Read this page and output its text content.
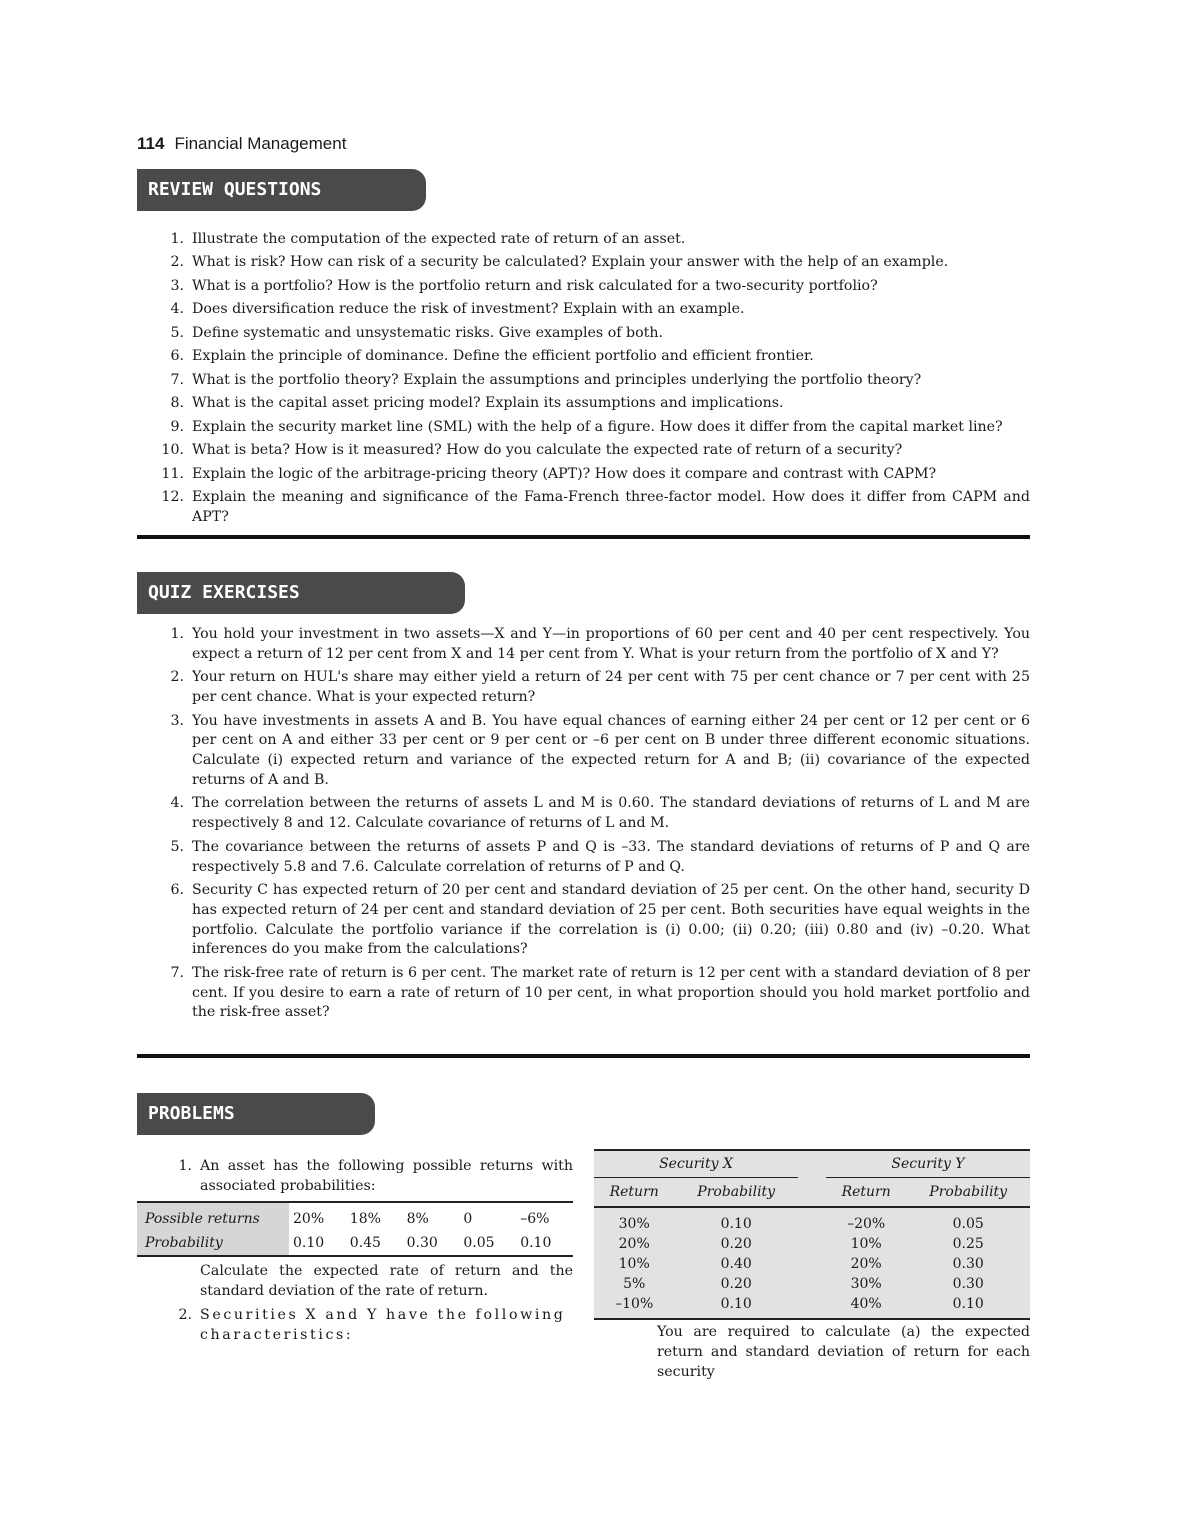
114 Financial Management
REVIEW QUESTIONS
1. Illustrate the computation of the expected rate of return of an asset.
2. What is risk? How can risk of a security be calculated? Explain your answer with the help of an example.
3. What is a portfolio? How is the portfolio return and risk calculated for a two-security portfolio?
4. Does diversification reduce the risk of investment? Explain with an example.
5. Define systematic and unsystematic risks. Give examples of both.
6. Explain the principle of dominance. Define the efficient portfolio and efficient frontier.
7. What is the portfolio theory? Explain the assumptions and principles underlying the portfolio theory?
8. What is the capital asset pricing model? Explain its assumptions and implications.
9. Explain the security market line (SML) with the help of a figure. How does it differ from the capital market line?
10. What is beta? How is it measured? How do you calculate the expected rate of return of a security?
11. Explain the logic of the arbitrage-pricing theory (APT)? How does it compare and contrast with CAPM?
12. Explain the meaning and significance of the Fama-French three-factor model. How does it differ from CAPM and APT?
QUIZ EXERCISES
1. You hold your investment in two assets—X and Y—in proportions of 60 per cent and 40 per cent respectively. You expect a return of 12 per cent from X and 14 per cent from Y. What is your return from the portfolio of X and Y?
2. Your return on HUL's share may either yield a return of 24 per cent with 75 per cent chance or 7 per cent with 25 per cent chance. What is your expected return?
3. You have investments in assets A and B. You have equal chances of earning either 24 per cent or 12 per cent or 6 per cent on A and either 33 per cent or 9 per cent or –6 per cent on B under three different economic situations. Calculate (i) expected return and variance of the expected return for A and B; (ii) covariance of the expected returns of A and B.
4. The correlation between the returns of assets L and M is 0.60. The standard deviations of returns of L and M are respectively 8 and 12. Calculate covariance of returns of L and M.
5. The covariance between the returns of assets P and Q is –33. The standard deviations of returns of P and Q are respectively 5.8 and 7.6. Calculate correlation of returns of P and Q.
6. Security C has expected return of 20 per cent and standard deviation of 25 per cent. On the other hand, security D has expected return of 24 per cent and standard deviation of 25 per cent. Both securities have equal weights in the portfolio. Calculate the portfolio variance if the correlation is (i) 0.00; (ii) 0.20; (iii) 0.80 and (iv) –0.20. What inferences do you make from the calculations?
7. The risk-free rate of return is 6 per cent. The market rate of return is 12 per cent with a standard deviation of 8 per cent. If you desire to earn a rate of return of 10 per cent, in what proportion should you hold market portfolio and the risk-free asset?
PROBLEMS
1. An asset has the following possible returns with associated probabilities:
Possible returns	20%	18%	8%	0	–6%
Probability	0.10	0.45	0.30	0.05	0.10
Calculate the expected rate of return and the standard deviation of the rate of return.
2. Securities X and Y have the following characteristics:
Security X			Security Y	
Return	Probability		Return	Probability
30%	0.10		–20%	0.05
20%	0.20		10%	0.25
10%	0.40		20%	0.30
5%	0.20		30%	0.30
–10%	0.10		40%	0.10
You are required to calculate (a) the expected return and standard deviation of return for each security
